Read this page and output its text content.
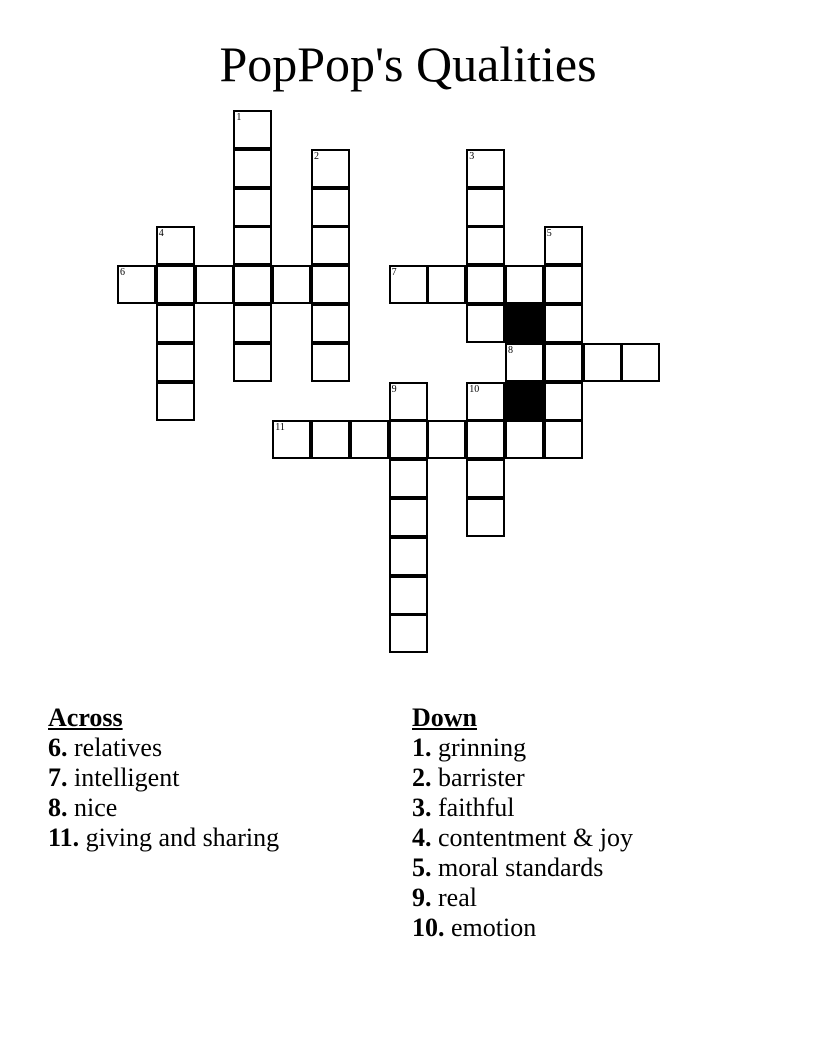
PopPop's Qualities
1
2	3
4	5
6	7
8
9	10
11
Across
6. relatives
7. intelligent
8. nice
11. giving and sharing
Down
1. grinning
2. barrister
3. faithful
4. contentment & joy
5. moral standards
9. real
10. emotion
